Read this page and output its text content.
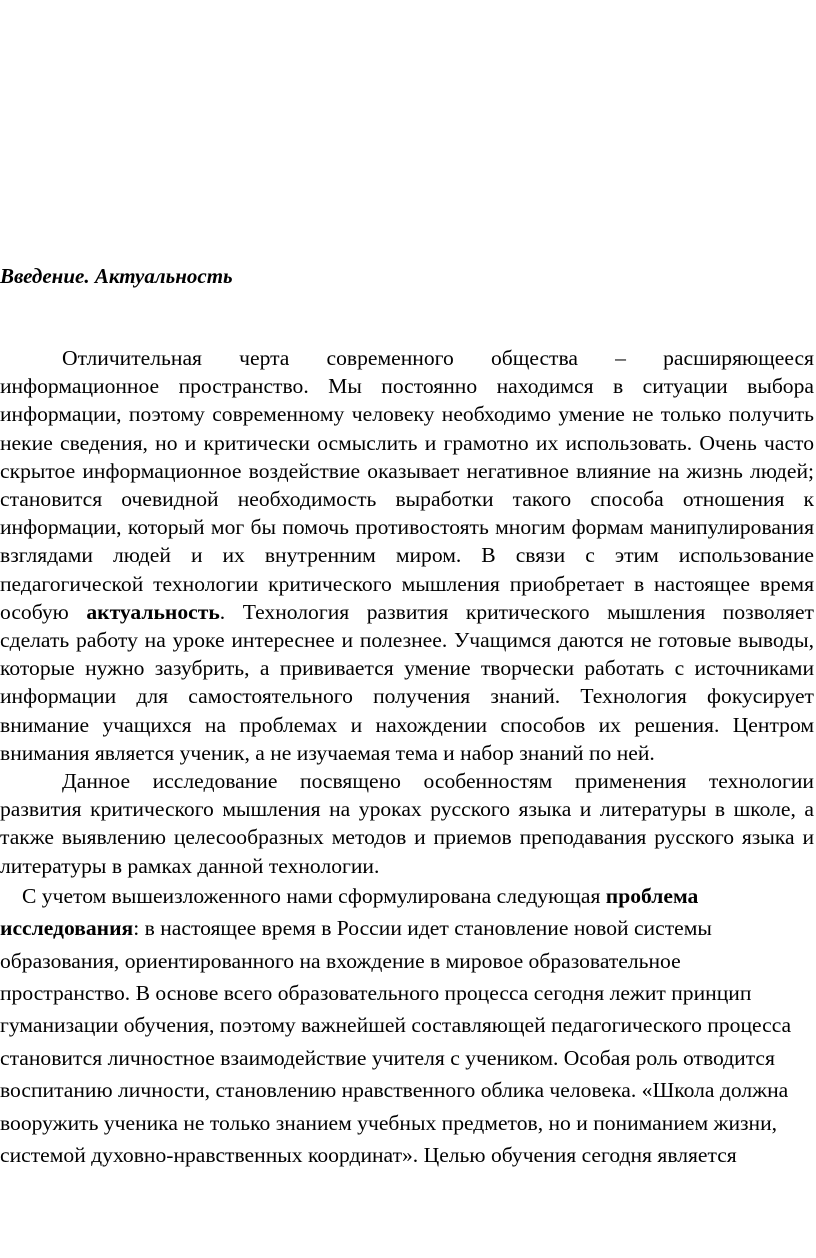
Введение. Актуальность

Отличительная черта современного общества – расширяющееся информационное пространство. Мы постоянно находимся в ситуации выбора информации, поэтому современному человеку необходимо умение не только получить некие сведения, но и критически осмыслить и грамотно их использовать. Очень часто скрытое информационное воздействие оказывает негативное влияние на жизнь людей; становится очевидной необходимость выработки такого способа отношения к информации, который мог бы помочь противостоять многим формам манипулирования взглядами людей и их внутренним миром. В связи с этим использование педагогической технологии критического мышления приобретает в настоящее время особую актуальность. Технология развития критического мышления позволяет сделать работу на уроке интереснее и полезнее. Учащимся даются не готовые выводы, которые нужно зазубрить, а прививается умение творчески работать с источниками информации для самостоятельного получения знаний. Технология фокусирует внимание учащихся на проблемах и нахождении способов их решения. Центром внимания является ученик, а не изучаемая тема и набор знаний по ней.

Данное исследование посвящено особенностям применения технологии развития критического мышления на уроках русского языка и литературы в школе, а также выявлению целесообразных методов и приемов преподавания русского языка и литературы в рамках данной технологии.

С учетом вышеизложенного нами сформулирована следующая проблема исследования: в настоящее время в России идет становление новой системы образования, ориентированного на вхождение в мировое образовательное пространство. В основе всего образовательного процесса сегодня лежит принцип гуманизации обучения, поэтому важнейшей составляющей педагогического процесса становится личностное взаимодействие учителя с учеником. Особая роль отводится воспитанию личности, становлению нравственного облика человека. «Школа должна вооружить ученика не только знанием учебных предметов, но и пониманием жизни, системой духовно-нравственных координат». Целью обучения сегодня является
